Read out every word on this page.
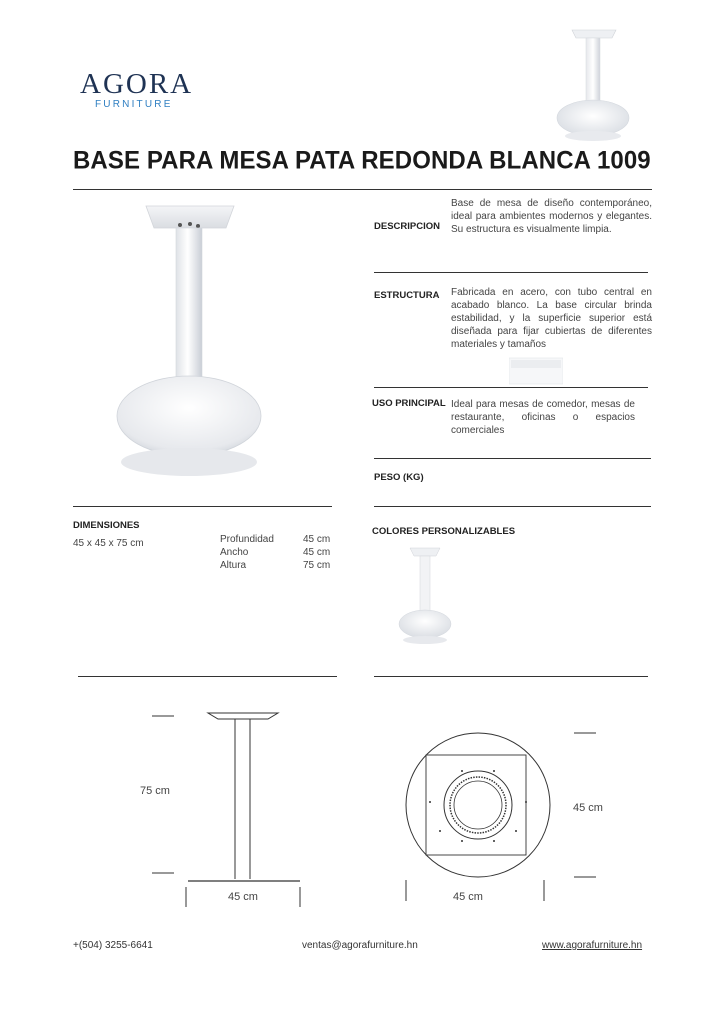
AGORA
FURNITURE
BASE PARA MESA PATA REDONDA BLANCA 1009
DESCRIPCION
Base de mesa de diseño contemporáneo, ideal para ambientes modernos y elegantes. Su estructura es visualmente limpia.
ESTRUCTURA Fabricada en acero, con tubo central en acabado blanco. La base circular brinda estabilidad, y la superficie superior está diseñada para fijar cubiertas de diferentes materiales y tamaños
USO PRINCIPAL Ideal para mesas de comedor, mesas de restaurante, oficinas o espacios comerciales
PESO (KG)
DIMENSIONES
45 x 45 x 75 cm	Profundidad	45 cm
Ancho	45 cm
Altura	75 cm
COLORES PERSONALIZABLES
75 cm
45 cm
45 cm
45 cm
+(504) 3255-6641	ventas@agorafurniture.hn	www.agorafurniture.hn
